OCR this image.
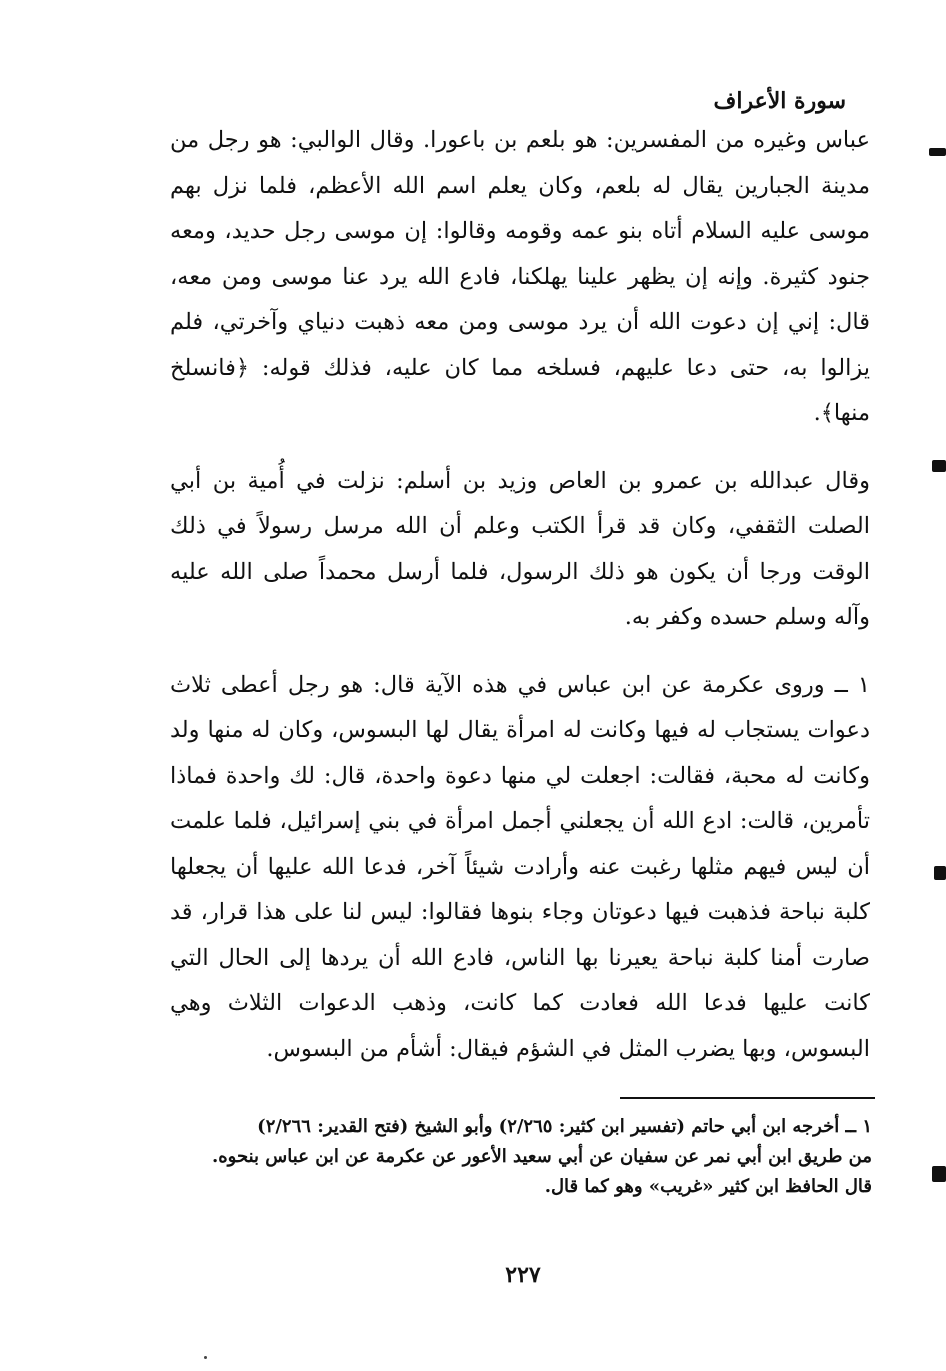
سورة الأعراف

عباس وغيره من المفسرين: هو بلعم بن باعورا. وقال الوالبي: هو رجل من مدينة الجبارين يقال له بلعم، وكان يعلم اسم الله الأعظم، فلما نزل بهم موسى عليه السلام أتاه بنو عمه وقومه وقالوا: إن موسى رجل حديد، ومعه جنود كثيرة. وإنه إن يظهر علينا يهلكنا، فادع الله يرد عنا موسى ومن معه، قال: إني إن دعوت الله أن يرد موسى ومن معه ذهبت دنياي وآخرتي، فلم يزالوا به، حتى دعا عليهم، فسلخه مما كان عليه، فذلك قوله: ﴿فانسلخ منها﴾.

وقال عبدالله بن عمرو بن العاص وزيد بن أسلم: نزلت في أُمية بن أبي الصلت الثقفي، وكان قد قرأ الكتب وعلم أن الله مرسل رسولاً في ذلك الوقت ورجا أن يكون هو ذلك الرسول، فلما أرسل محمداً صلى الله عليه وآله وسلم حسده وكفر به.

١ ــ وروى عكرمة عن ابن عباس في هذه الآية قال: هو رجل أعطى ثلاث دعوات يستجاب له فيها وكانت له امرأة يقال لها البسوس، وكان له منها ولد وكانت له محبة، فقالت: اجعلت لي منها دعوة واحدة، قال: لك واحدة فماذا تأمرين، قالت: ادع الله أن يجعلني أجمل امرأة في بني إسرائيل، فلما علمت أن ليس فيهم مثلها رغبت عنه وأرادت شيئاً آخر، فدعا الله عليها أن يجعلها كلبة نباحة فذهبت فيها دعوتان وجاء بنوها فقالوا: ليس لنا على هذا قرار، قد صارت أمنا كلبة نباحة يعيرنا بها الناس، فادع الله أن يردها إلى الحال التي كانت عليها فدعا الله فعادت كما كانت، وذهب الدعوات الثلاث وهي البسوس، وبها يضرب المثل في الشؤم فيقال: أشأم من البسوس.

١ ــ أخرجه ابن أبي حاتم (تفسير ابن كثير: ٢/٢٦٥) وأبو الشيخ (فتح القدير: ٢/٢٦٦)

من طريق ابن أبي نمر عن سفيان عن أبي سعيد الأعور عن عكرمة عن ابن عباس بنحوه.

قال الحافظ ابن كثير «غريب» وهو كما قال.

٢٢٧
